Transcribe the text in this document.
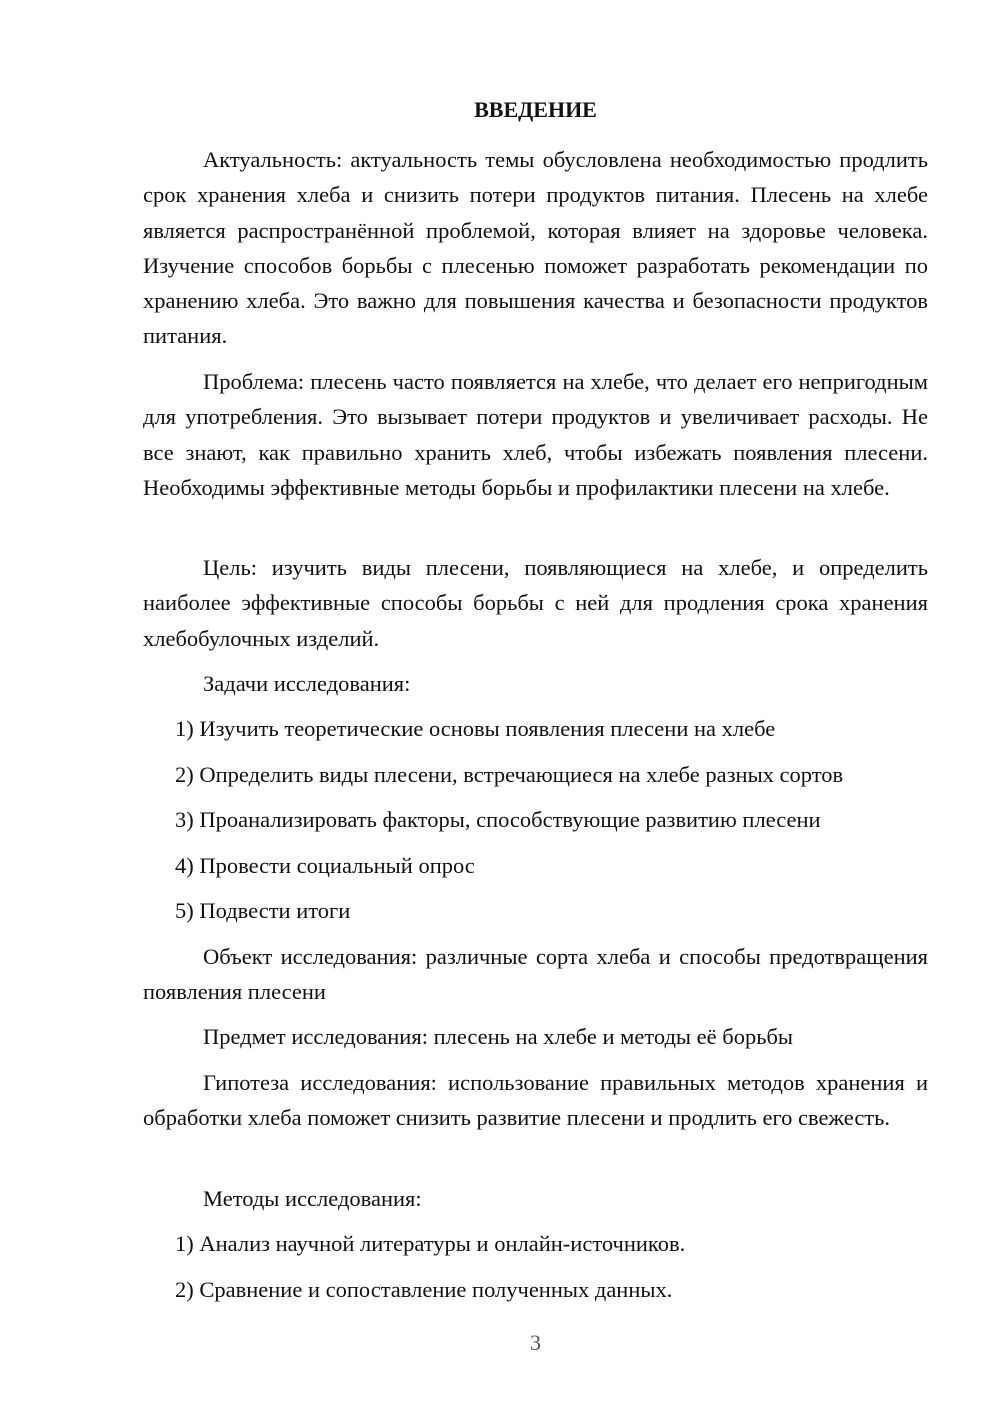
ВВЕДЕНИЕ

Актуальность: актуальность темы обусловлена необходимостью продлить срок хранения хлеба и снизить потери продуктов питания. Плесень на хлебе является распространённой проблемой, которая влияет на здоровье человека. Изучение способов борьбы с плесенью поможет разработать рекомендации по хранению хлеба. Это важно для повышения качества и безопасности продуктов питания.

Проблема: плесень часто появляется на хлебе, что делает его непригодным для употребления. Это вызывает потери продуктов и увеличивает расходы. Не все знают, как правильно хранить хлеб, чтобы избежать появления плесени. Необходимы эффективные методы борьбы и профилактики плесени на хлебе.

Цель: изучить виды плесени, появляющиеся на хлебе, и определить наиболее эффективные способы борьбы с ней для продления срока хранения хлебобулочных изделий.

Задачи исследования:

1) Изучить теоретические основы появления плесени на хлебе

2) Определить виды плесени, встречающиеся на хлебе разных сортов

3) Проанализировать факторы, способствующие развитию плесени

4) Провести социальный опрос

5) Подвести итоги

Объект исследования: различные сорта хлеба и способы предотвращения появления плесени

Предмет исследования: плесень на хлебе и методы её борьбы

Гипотеза исследования: использование правильных методов хранения и обработки хлеба поможет снизить развитие плесени и продлить его свежесть.

Методы исследования:

1) Анализ научной литературы и онлайн-источников.

2) Сравнение и сопоставление полученных данных.

3
